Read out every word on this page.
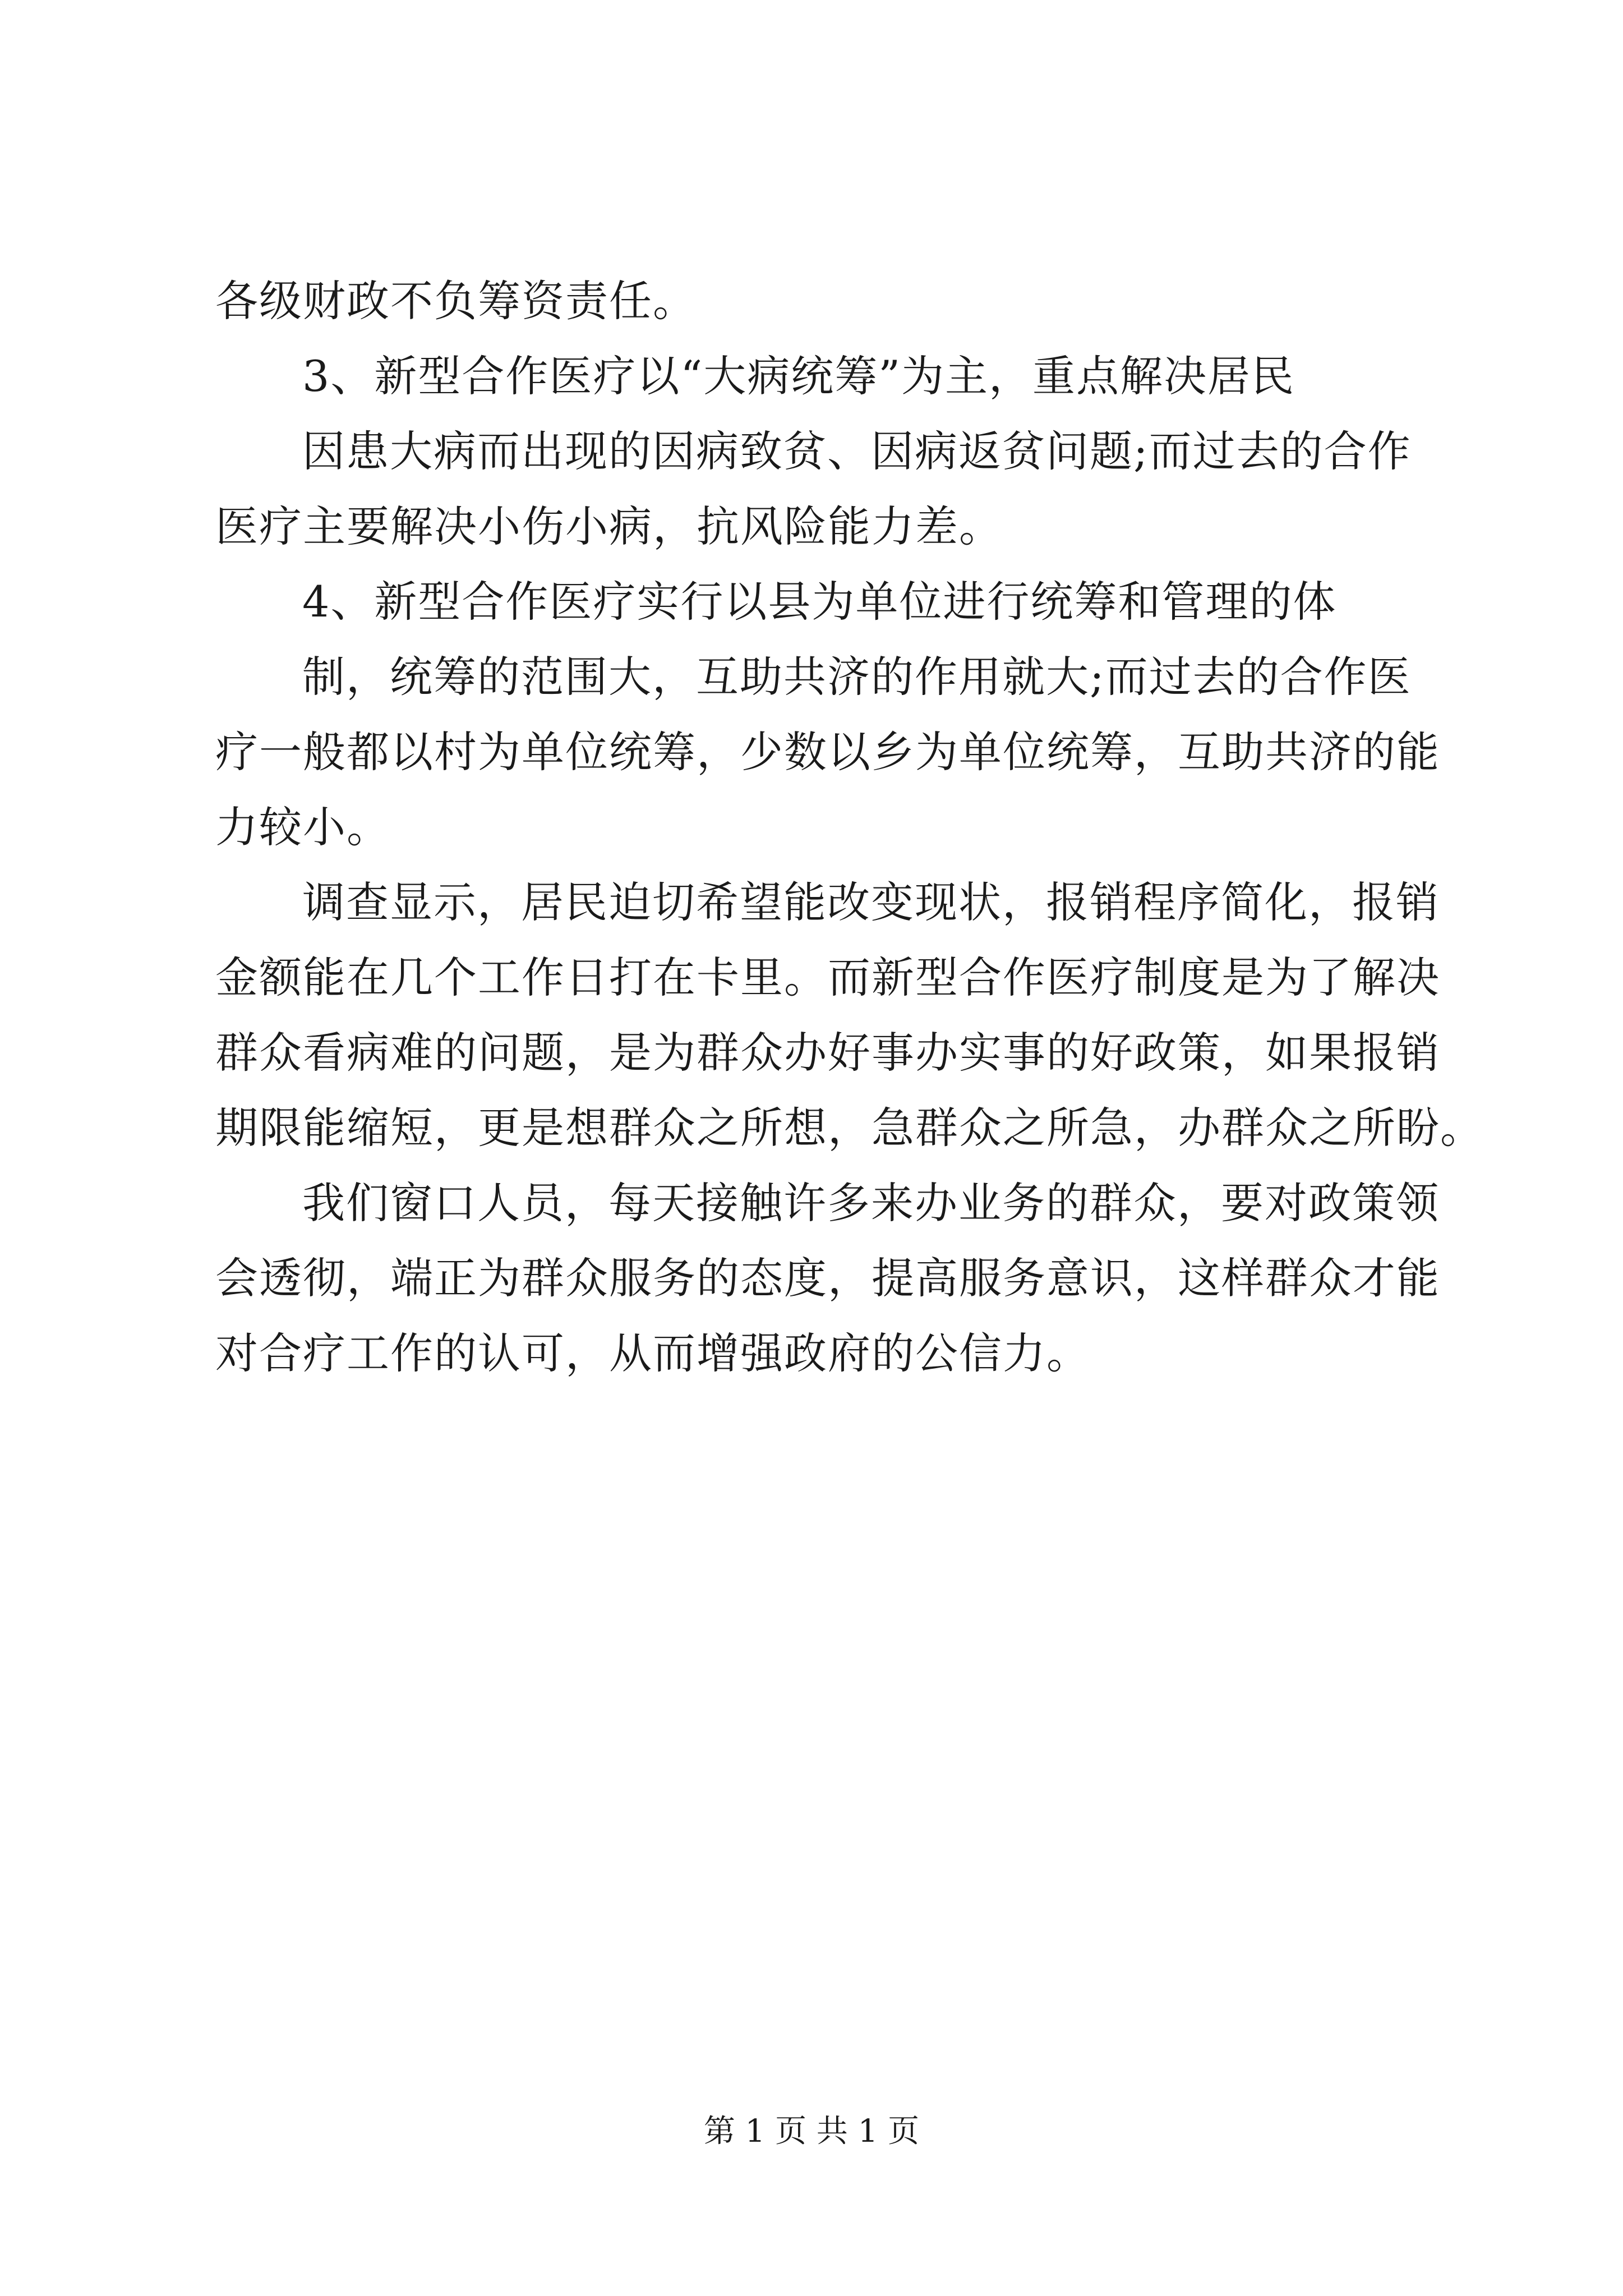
各级财政不负筹资责任。
3、新型合作医疗以“大病统筹”为主，重点解决居民
因患大病而出现的因病致贫、因病返贫问题;而过去的合作
医疗主要解决小伤小病，抗风险能力差。
4、新型合作医疗实行以县为单位进行统筹和管理的体
制，统筹的范围大，互助共济的作用就大;而过去的合作医
疗一般都以村为单位统筹，少数以乡为单位统筹，互助共济的能
力较小。
调查显示，居民迫切希望能改变现状，报销程序简化，报销
金额能在几个工作日打在卡里。而新型合作医疗制度是为了解决
群众看病难的问题，是为群众办好事办实事的好政策，如果报销
期限能缩短，更是想群众之所想，急群众之所急，办群众之所盼。
我们窗口人员，每天接触许多来办业务的群众，要对政策领
会透彻，端正为群众服务的态度，提高服务意识，这样群众才能
对合疗工作的认可，从而增强政府的公信力。
第 1 页 共 1 页
